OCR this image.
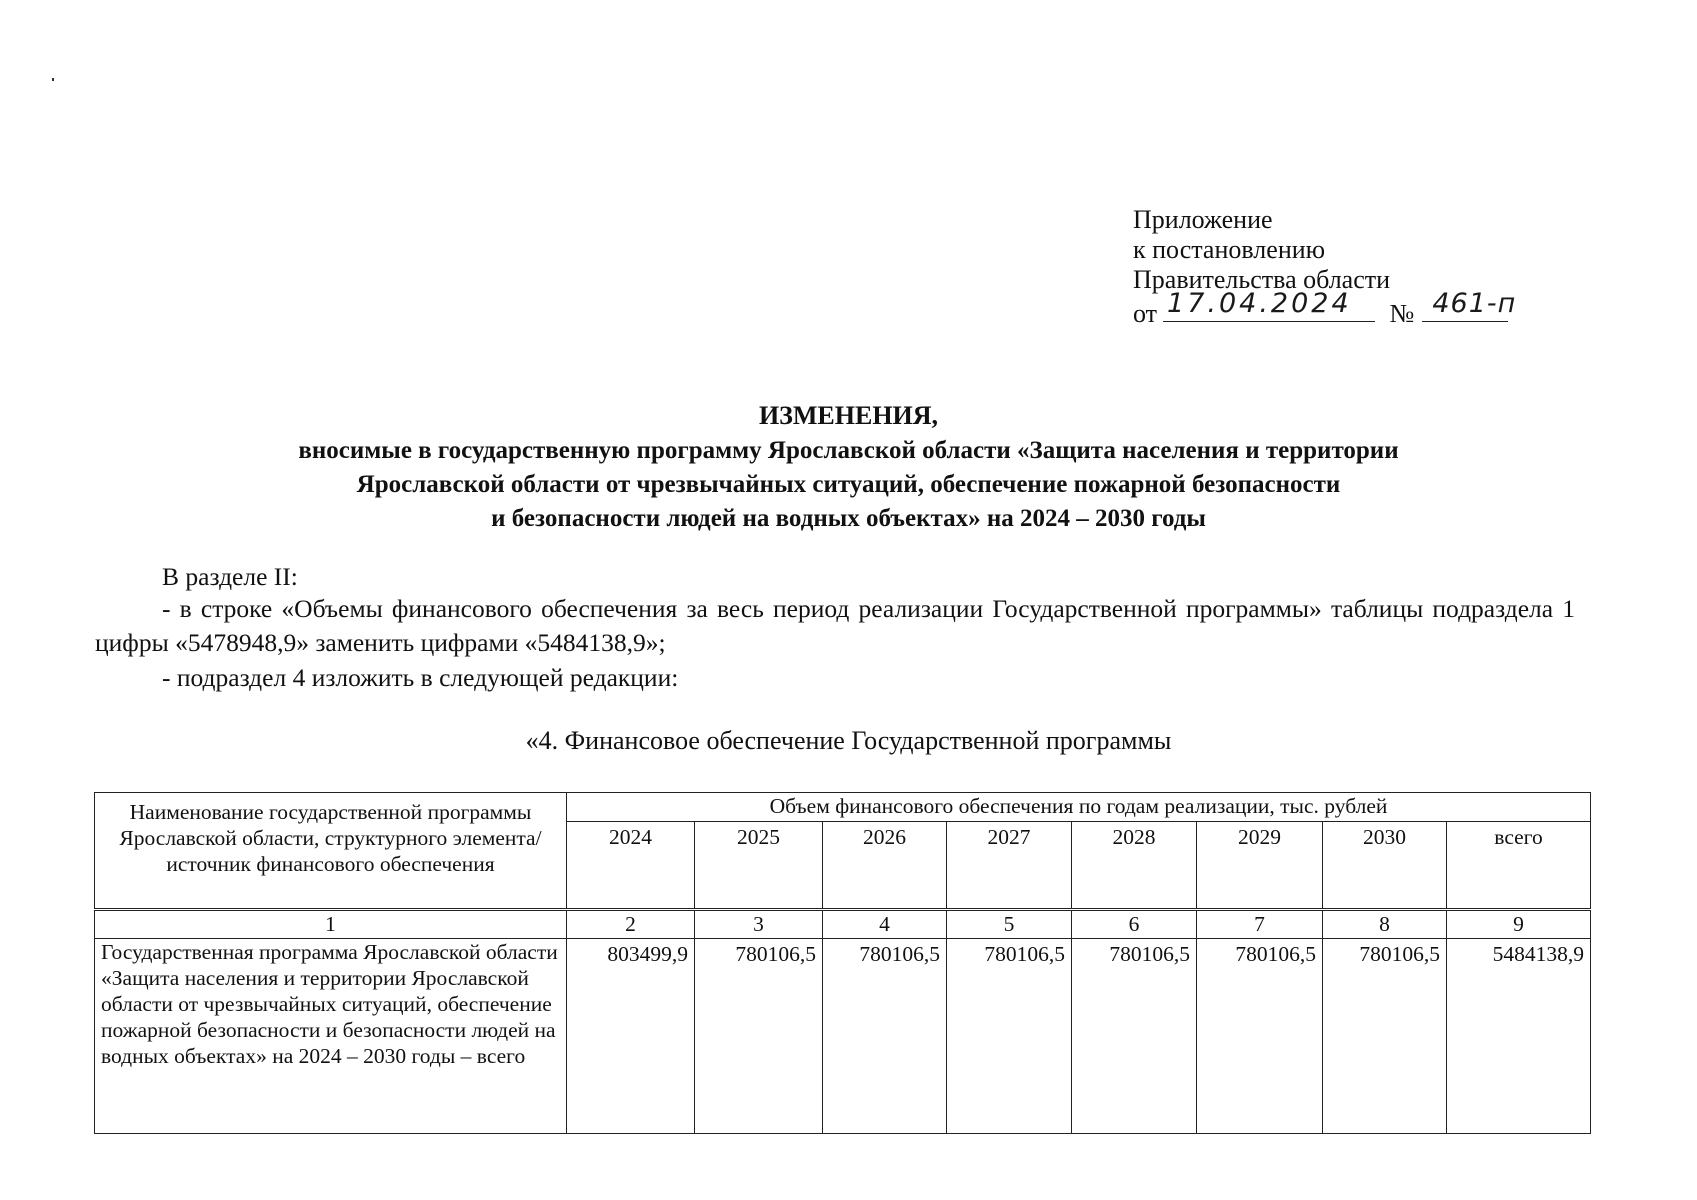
Приложение
к постановлению
Правительства области
от 17.04.2024 № 461-п
ИЗМЕНЕНИЯ,
вносимые в государственную программу Ярославской области «Защита населения и территории
Ярославской области от чрезвычайных ситуаций, обеспечение пожарной безопасности
и безопасности людей на водных объектах» на 2024 – 2030 годы
В разделе II:
- в строке «Объемы финансового обеспечения за весь период реализации Государственной программы» таблицы подраздела 1 цифры «5478948,9» заменить цифрами «5484138,9»;
- подраздел 4 изложить в следующей редакции:
«4. Финансовое обеспечение Государственной программы
Наименование государственной программы Ярославской области, структурного элемента/ источник финансового обеспечения	Объем финансового обеспечения по годам реализации, тыс. рублей							
	2024	2025	2026	2027	2028	2029	2030	всего
1	2	3	4	5	6	7	8	9
Государственная программа Ярославской области «Защита населения и территории Ярославской области от чрезвычайных ситуаций, обеспечение пожарной безопасности и безопасности людей на водных объектах» на 2024 – 2030 годы – всего	803499,9	780106,5	780106,5	780106,5	780106,5	780106,5	780106,5	5484138,9
